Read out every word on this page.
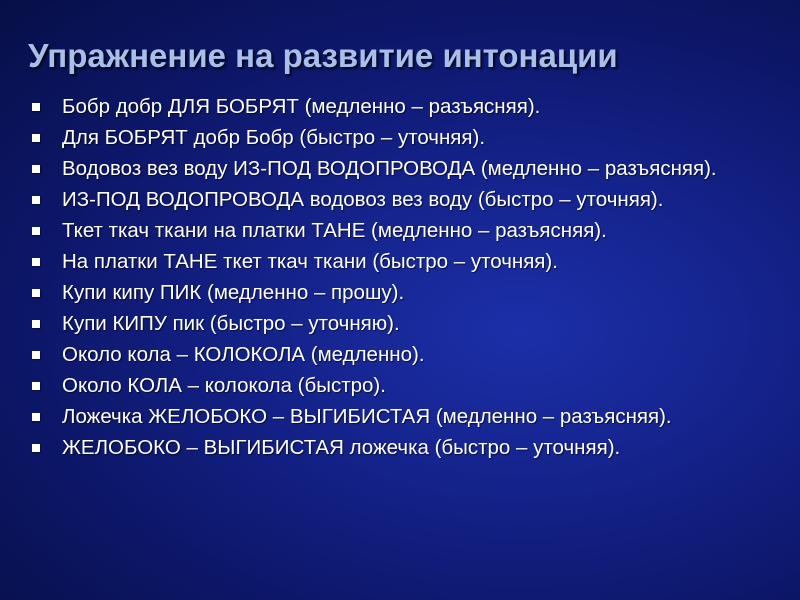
Упражнение на развитие интонации
Бобр добр ДЛЯ БОБРЯТ (медленно – разъясняя).
Для БОБРЯТ добр Бобр (быстро – уточняя).
Водовоз вез воду ИЗ-ПОД ВОДОПРОВОДА (медленно – разъясняя).
ИЗ-ПОД ВОДОПРОВОДА водовоз вез воду (быстро – уточняя).
Ткет ткач ткани на платки ТАНЕ (медленно – разъясняя).
На платки ТАНЕ ткет ткач ткани (быстро – уточняя).
Купи кипу ПИК (медленно – прошу).
Купи КИПУ пик (быстро – уточняю).
Около кола – КОЛОКОЛА (медленно).
Около КОЛА – колокола (быстро).
Ложечка ЖЕЛОБОКО – ВЫГИБИСТАЯ (медленно – разъясняя).
ЖЕЛОБОКО – ВЫГИБИСТАЯ ложечка (быстро – уточняя).
